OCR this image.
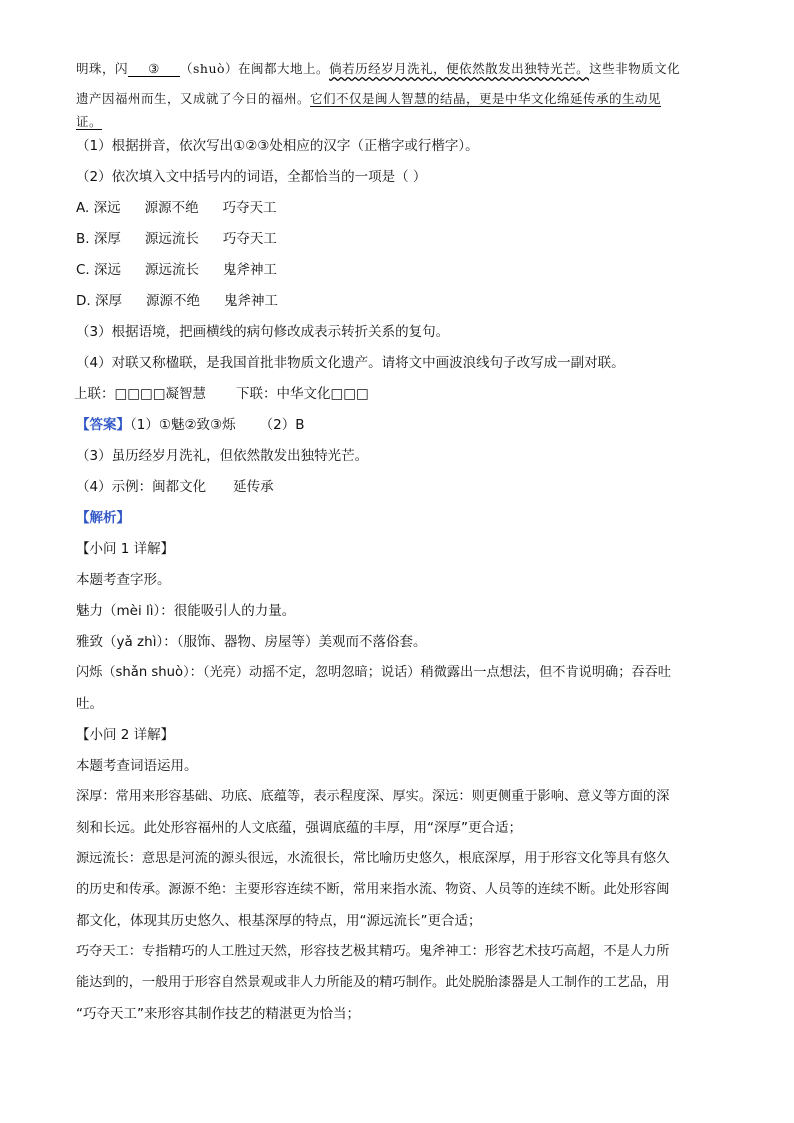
明珠，闪 ③ （shuò）在闽都大地上。倘若历经岁月洗礼，便依然散发出独特光芒。这些非物质文化

遗产因福州而生，又成就了今日的福州。它们不仅是闽人智慧的结晶，更是中华文化绵延传承的生动见

证。

（1）根据拼音，依次写出①②③处相应的汉字（正楷字或行楷字）。

（2）依次填入文中括号内的词语，全都恰当的一项是（ ）

A. 深远 源源不绝 巧夺天工

B. 深厚 源远流长 巧夺天工

C. 深远 源远流长 鬼斧神工

D. 深厚 源源不绝 鬼斧神工

（3）根据语境，把画横线的病句修改成表示转折关系的复句。

（4）对联又称楹联，是我国首批非物质文化遗产。请将文中画波浪线句子改写成一副对联。

上联：□□□□凝智慧 下联：中华文化□□□

【答案】（1）①魅②致③烁 （2）B

（3）虽历经岁月洗礼，但依然散发出独特光芒。

（4）示例：闽都文化　　延传承

【解析】

【小问 1 详解】

本题考查字形。

魅力（mèi lì）：很能吸引人的力量。

雅致（yǎ zhì）：（服饰、器物、房屋等）美观而不落俗套。

闪烁（shǎn shuò）：（光亮）动摇不定，忽明忽暗；说话）稍微露出一点想法，但不肯说明确；吞吞吐

吐。

【小问 2 详解】

本题考查词语运用。

深厚：常用来形容基础、功底、底蕴等，表示程度深、厚实。深远：则更侧重于影响、意义等方面的深

刻和长远。此处形容福州的人文底蕴，强调底蕴的丰厚，用“深厚”更合适；

源远流长：意思是河流的源头很远，水流很长，常比喻历史悠久，根底深厚，用于形容文化等具有悠久

的历史和传承。源源不绝：主要形容连续不断，常用来指水流、物资、人员等的连续不断。此处形容闽

都文化，体现其历史悠久、根基深厚的特点，用“源远流长”更合适；

巧夺天工：专指精巧的人工胜过天然，形容技艺极其精巧。鬼斧神工：形容艺术技巧高超，不是人力所

能达到的，一般用于形容自然景观或非人力所能及的精巧制作。此处脱胎漆器是人工制作的工艺品，用

“巧夺天工”来形容其制作技艺的精湛更为恰当；
